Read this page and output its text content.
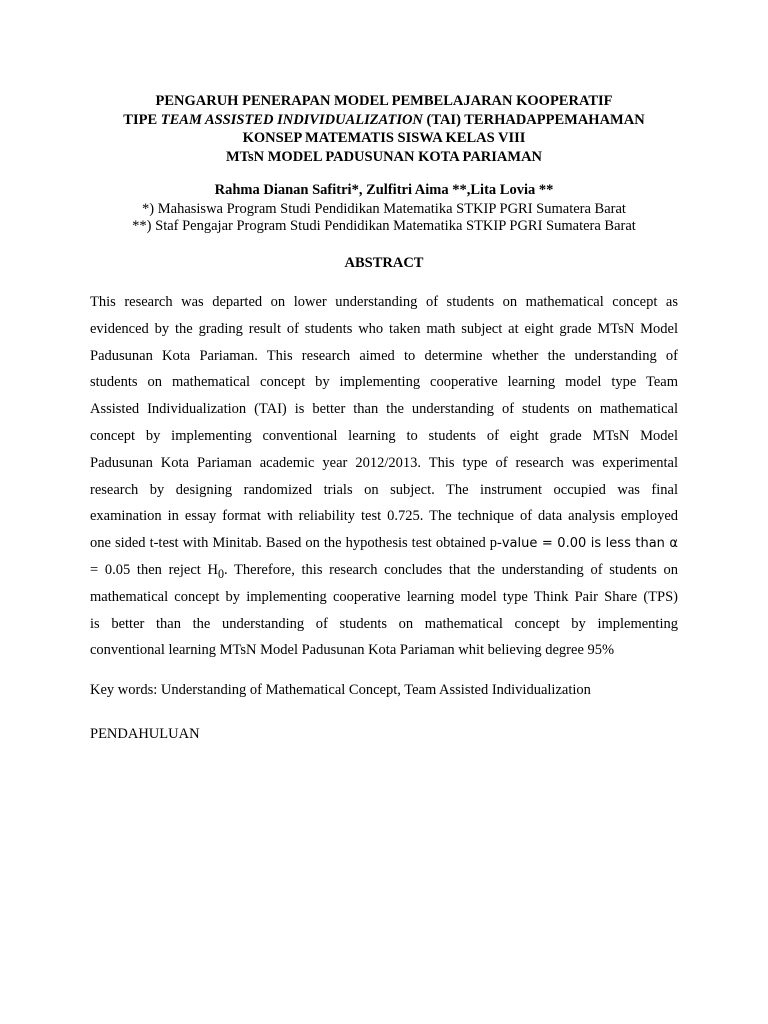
PENGARUH PENERAPAN MODEL PEMBELAJARAN KOOPERATIF
TIPE TEAM ASSISTED INDIVIDUALIZATION (TAI) TERHADAPPEMAHAMAN
KONSEP MATEMATIS SISWA KELAS VIII
MTsN MODEL PADUSUNAN KOTA PARIAMAN
Rahma Dianan Safitri*, Zulfitri Aima **,Lita Lovia **
*) Mahasiswa Program Studi Pendidikan Matematika STKIP PGRI Sumatera Barat
**) Staf Pengajar Program Studi Pendidikan Matematika STKIP PGRI Sumatera Barat
ABSTRACT
This research was departed on lower understanding of students on mathematical concept as
evidenced by the grading result of students who taken math subject at eight grade MTsN Model
Padusunan Kota Pariaman. This research aimed to determine whether the understanding of
students on mathematical concept by implementing cooperative learning model type Team
Assisted Individualization (TAI) is better than the understanding of students on mathematical
concept by implementing conventional learning to students of eight grade MTsN Model
Padusunan Kota Pariaman academic year 2012/2013. This type of research was experimental
research by designing randomized trials on subject. The instrument occupied was final
examination in essay format with reliability test 0.725. The technique of data analysis employed
one sided t-test with Minitab. Based on the hypothesis test obtained p-value = 0.00 is less than α
= 0.05 then reject $H_0$. Therefore, this research concludes that the understanding of students on
mathematical concept by implementing cooperative learning model type Think Pair Share (TPS)
is better than the understanding of students on mathematical concept by implementing
conventional learning MTsN Model Padusunan Kota Pariaman whit believing degree 95%
Key words: Understanding of Mathematical Concept, Team Assisted Individualization
PENDAHULUAN
